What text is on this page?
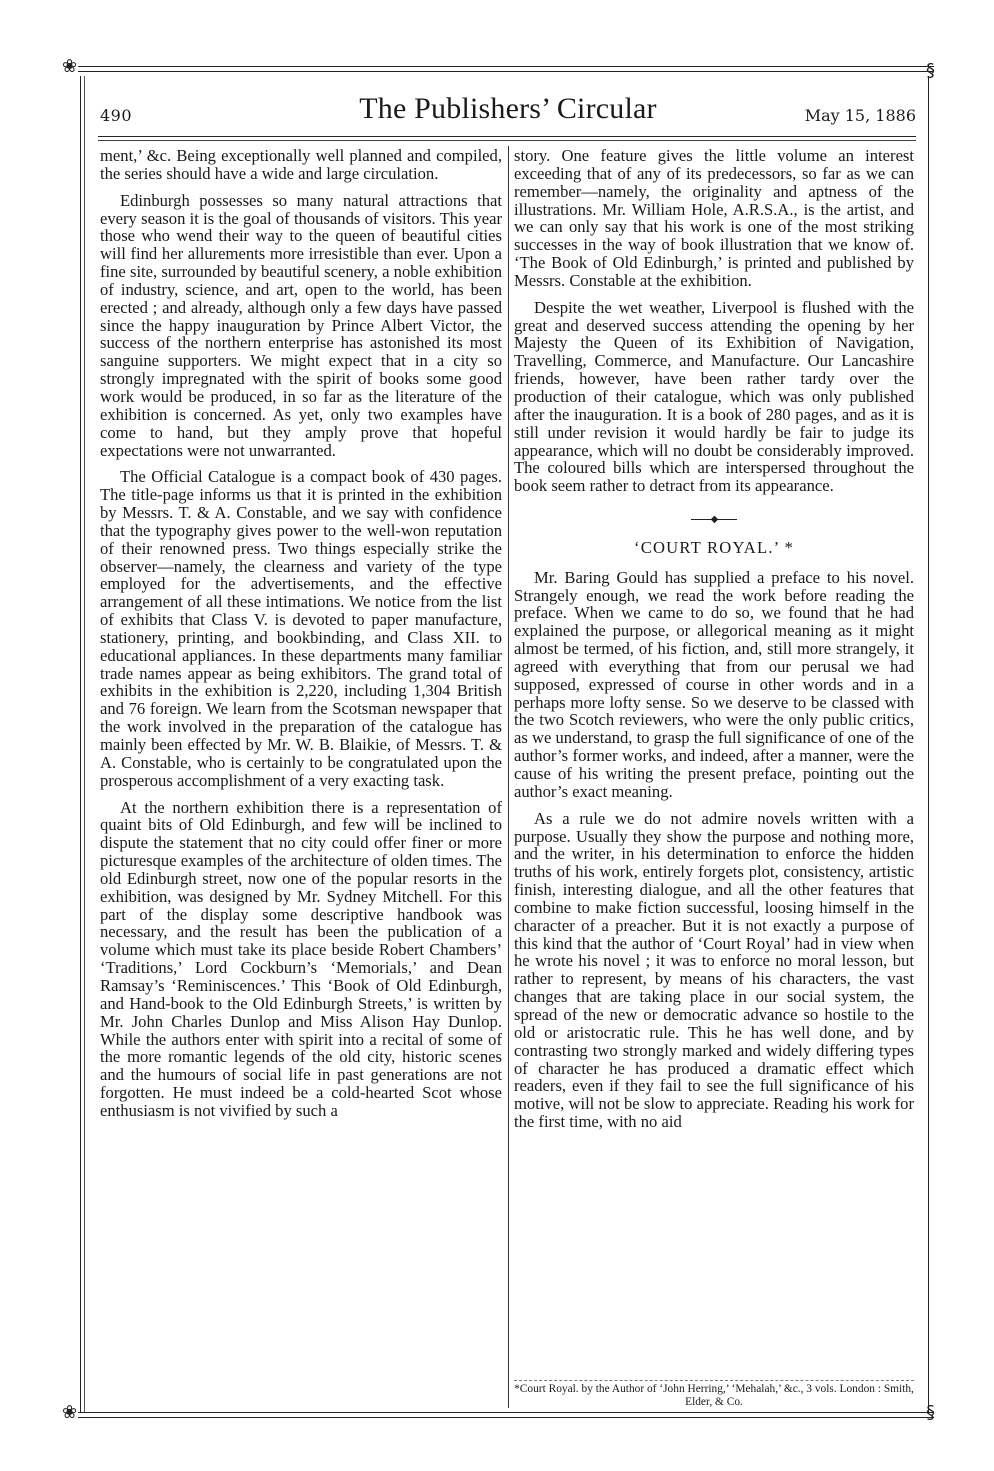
❀	§
490	The Publishers’ Circular	May 15, 1886

ment,’ &c. Being exceptionally well planned and compiled, the series should have a wide and large circulation.

Edinburgh possesses so many natural attractions that every season it is the goal of thousands of visitors. This year those who wend their way to the queen of beautiful cities will find her allurements more irresistible than ever. Upon a fine site, surrounded by beautiful scenery, a noble exhibition of industry, science, and art, open to the world, has been erected ; and already, although only a few days have passed since the happy inauguration by Prince Albert Victor, the success of the northern enterprise has astonished its most sanguine supporters. We might expect that in a city so strongly impregnated with the spirit of books some good work would be produced, in so far as the literature of the exhibition is concerned. As yet, only two examples have come to hand, but they amply prove that hopeful expectations were not unwarranted.

The Official Catalogue is a compact book of 430 pages. The title-page informs us that it is printed in the exhibition by Messrs. T. & A. Constable, and we say with confidence that the typography gives power to the well-won reputation of their renowned press. Two things especially strike the observer—namely, the clearness and variety of the type employed for the advertisements, and the effective arrangement of all these intimations. We notice from the list of exhibits that Class V. is devoted to paper manufacture, stationery, printing, and bookbinding, and Class XII. to educational appliances. In these departments many familiar trade names appear as being exhibitors. The grand total of exhibits in the exhibition is 2,220, including 1,304 British and 76 foreign. We learn from the Scotsman newspaper that the work involved in the preparation of the catalogue has mainly been effected by Mr. W. B. Blaikie, of Messrs. T. & A. Constable, who is certainly to be congratulated upon the prosperous accomplishment of a very exacting task.

At the northern exhibition there is a representation of quaint bits of Old Edinburgh, and few will be inclined to dispute the statement that no city could offer finer or more picturesque examples of the architecture of olden times. The old Edinburgh street, now one of the popular resorts in the exhibition, was designed by Mr. Sydney Mitchell. For this part of the display some descriptive handbook was necessary, and the result has been the publication of a volume which must take its place beside Robert Chambers’ ‘Traditions,’ Lord Cockburn’s ‘Memorials,’ and Dean Ramsay’s ‘Reminiscences.’ This ‘Book of Old Edinburgh, and Hand-book to the Old Edinburgh Streets,’ is written by Mr. John Charles Dunlop and Miss Alison Hay Dunlop. While the authors enter with spirit into a recital of some of the more romantic legends of the old city, historic scenes and the humours of social life in past generations are not forgotten. He must indeed be a cold-hearted Scot whose enthusiasm is not vivified by such a

story. One feature gives the little volume an interest exceeding that of any of its predecessors, so far as we can remember—namely, the originality and aptness of the illustrations. Mr. William Hole, A.R.S.A., is the artist, and we can only say that his work is one of the most striking successes in the way of book illustration that we know of. ‘The Book of Old Edinburgh,’ is printed and published by Messrs. Constable at the exhibition.

Despite the wet weather, Liverpool is flushed with the great and deserved success attending the opening by her Majesty the Queen of its Exhibition of Navigation, Travelling, Commerce, and Manufacture. Our Lancashire friends, however, have been rather tardy over the production of their catalogue, which was only published after the inauguration. It is a book of 280 pages, and as it is still under revision it would hardly be fair to judge its appearance, which will no doubt be considerably improved. The coloured bills which are interspersed throughout the book seem rather to detract from its appearance.

◆
‘COURT ROYAL.’ *

Mr. Baring Gould has supplied a preface to his novel. Strangely enough, we read the work before reading the preface. When we came to do so, we found that he had explained the purpose, or allegorical meaning as it might almost be termed, of his fiction, and, still more strangely, it agreed with everything that from our perusal we had supposed, expressed of course in other words and in a perhaps more lofty sense. So we deserve to be classed with the two Scotch reviewers, who were the only public critics, as we understand, to grasp the full significance of one of the author’s former works, and indeed, after a manner, were the cause of his writing the present preface, pointing out the author’s exact meaning.

As a rule we do not admire novels written with a purpose. Usually they show the purpose and nothing more, and the writer, in his determination to enforce the hidden truths of his work, entirely forgets plot, consistency, artistic finish, interesting dialogue, and all the other features that combine to make fiction successful, loosing himself in the character of a preacher. But it is not exactly a purpose of this kind that the author of ‘Court Royal’ had in view when he wrote his novel ; it was to enforce no moral lesson, but rather to represent, by means of his characters, the vast changes that are taking place in our social system, the spread of the new or democratic advance so hostile to the old or aristocratic rule. This he has well done, and by contrasting two strongly marked and widely differing types of character he has produced a dramatic effect which readers, even if they fail to see the full significance of his motive, will not be slow to appreciate. Reading his work for the first time, with no aid

*Court Royal. by the Author of ‘John Herring,’ ‘Mehalah,’ &c., 3 vols. London : Smith, Elder, & Co.
❀	§
